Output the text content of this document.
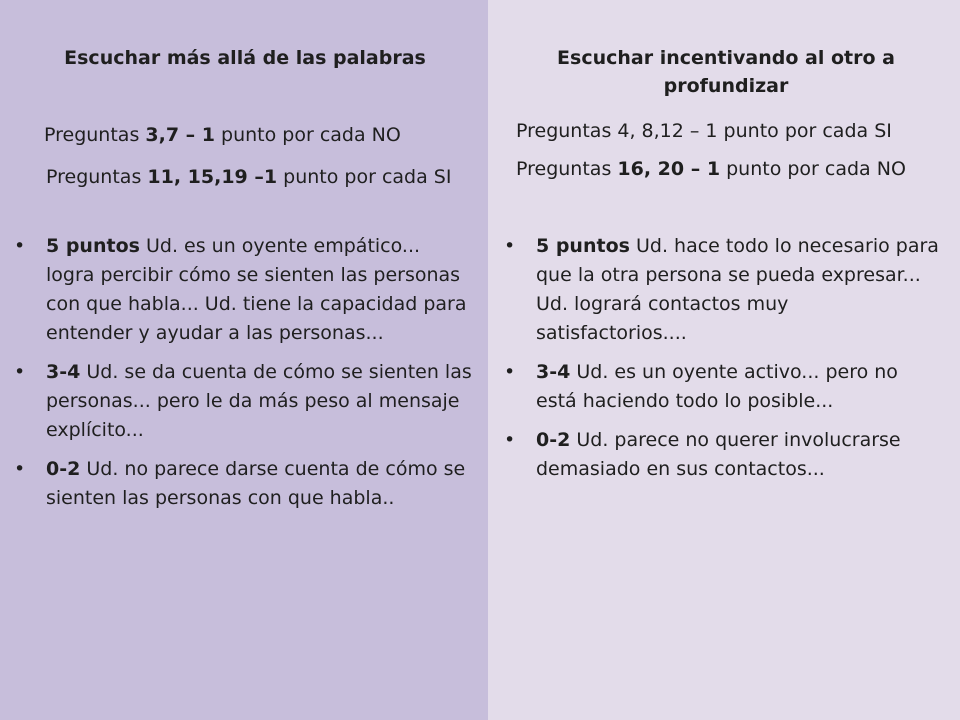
Escuchar más allá de las palabras
Preguntas 3,7 – 1 punto por cada NO
Preguntas 11, 15,19 –1 punto por cada SI
• 5 puntos Ud. es un oyente empático... logra percibir cómo se sienten las personas con que habla... Ud. tiene la capacidad para entender y ayudar a las personas...
• 3-4 Ud. se da cuenta de cómo se sienten las personas... pero le da más peso al mensaje explícito...
• 0-2 Ud. no parece darse cuenta de cómo se sienten las personas con que habla..
Escuchar incentivando al otro a profundizar
Preguntas 4, 8,12 – 1 punto por cada SI
Preguntas 16, 20 – 1 punto por cada NO
• 5 puntos Ud. hace todo lo necesario para que la otra persona se pueda expresar... Ud. logrará contactos muy satisfactorios....
• 3-4 Ud. es un oyente activo... pero no está haciendo todo lo posible...
• 0-2 Ud. parece no querer involucrarse demasiado en sus contactos...
